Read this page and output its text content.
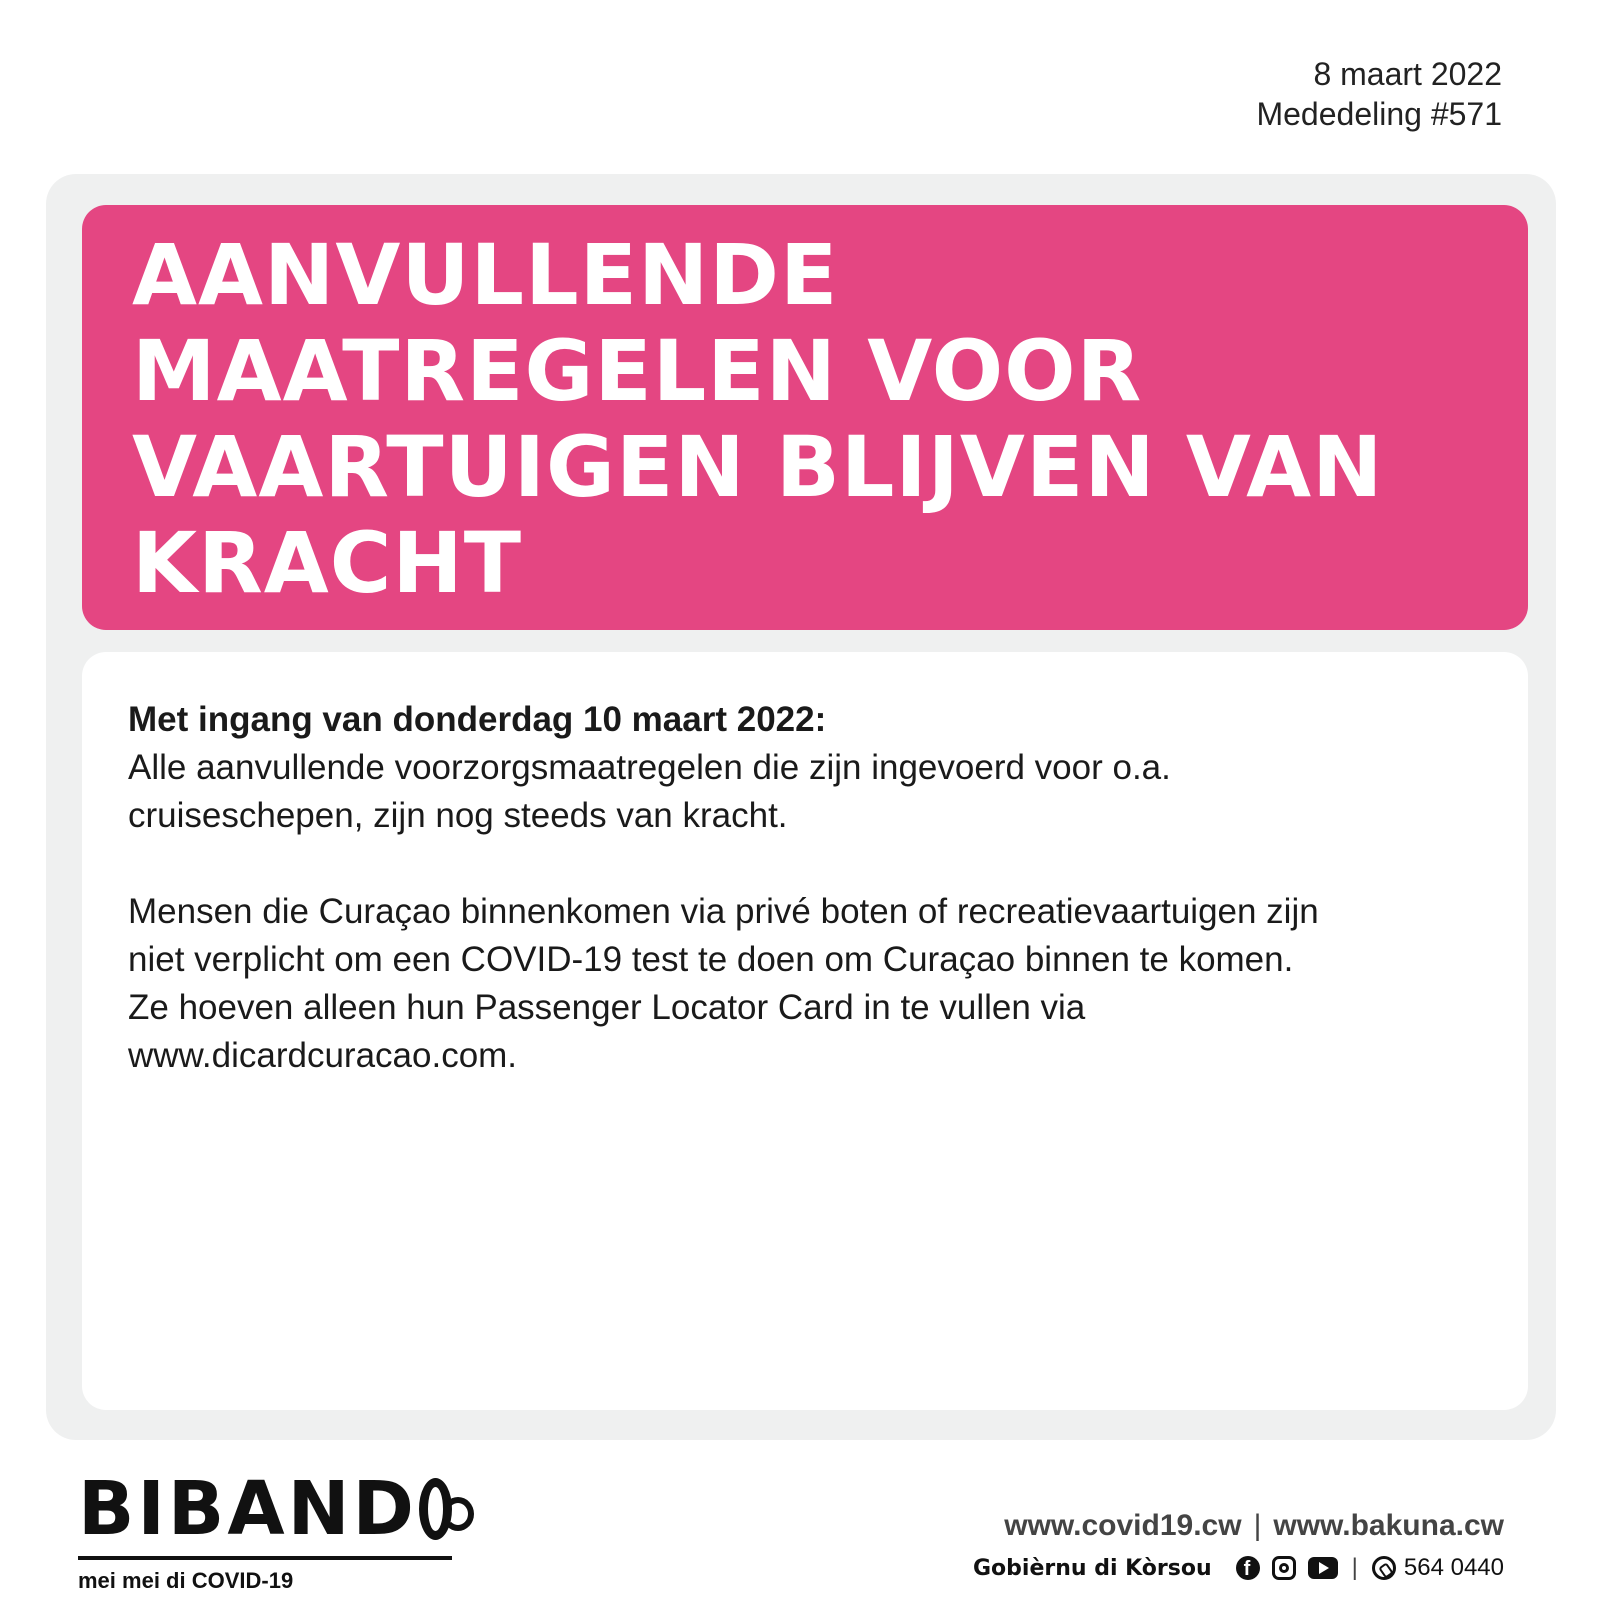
8 maart 2022
Mededeling #571
AANVULLENDE
MAATREGELEN VOOR
VAARTUIGEN BLIJVEN VAN
KRACHT
Met ingang van donderdag 10 maart 2022:
Alle aanvullende voorzorgsmaatregelen die zijn ingevoerd voor o.a.
cruiseschepen, zijn nog steeds van kracht.
Mensen die Curaçao binnenkomen via privé boten of recreatievaartuigen zijn
niet verplicht om een COVID-19 test te doen om Curaçao binnen te komen.
Ze hoeven alleen hun Passenger Locator Card in te vullen via
www.dicardcuracao.com.
BIBAND
mei mei di COVID-19
www.covid19.cw | www.bakuna.cw
Gobièrnu di Kòrsou
f	| 564 0440
